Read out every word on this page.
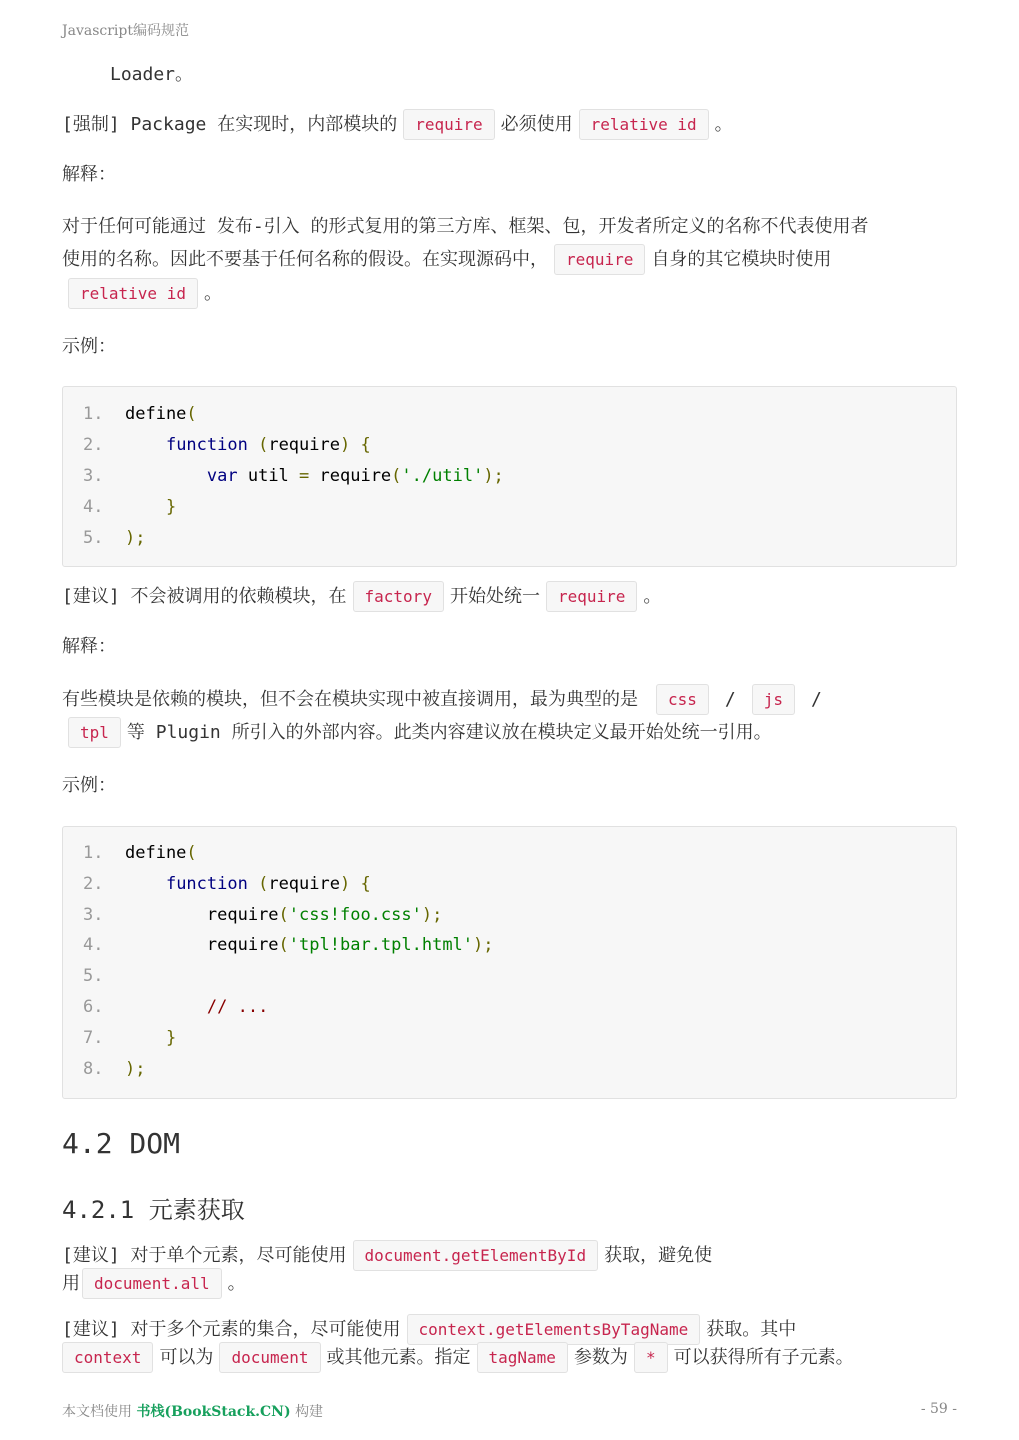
Javascript编码规范
Loader。
[强制] Package 在实现时，内部模块的 require 必须使用 relative id 。
解释：
对于任何可能通过 发布-引入 的形式复用的第三方库、框架、包，开发者所定义的名称不代表使用者
使用的名称。因此不要基于任何名称的假设。在实现源码中， require 自身的其它模块时使用
relative id 。
示例：
1. define(
2.	function (require) {
3.	var util = require('./util');
4.	}
5. );
[建议] 不会被调用的依赖模块，在 factory 开始处统一 require 。
解释：
有些模块是依赖的模块，但不会在模块实现中被直接调用，最为典型的是 css / js /
tpl 等 Plugin 所引入的外部内容。此类内容建议放在模块定义最开始处统一引用。
示例：
1. define(
2.	function (require) {
3.	require('css!foo.css');
4.	require('tpl!bar.tpl.html');
5.
6.	// ...
7.	}
8. );
4.2 DOM
4.2.1 元素获取
[建议] 对于单个元素，尽可能使用 document.getElementById 获取，避免使
用 document.all 。
[建议] 对于多个元素的集合，尽可能使用 context.getElementsByTagName 获取。其中
context 可以为 document 或其他元素。指定 tagName 参数为 * 可以获得所有子元素。
本文档使用 书栈(BookStack.CN) 构建	- 59 -
